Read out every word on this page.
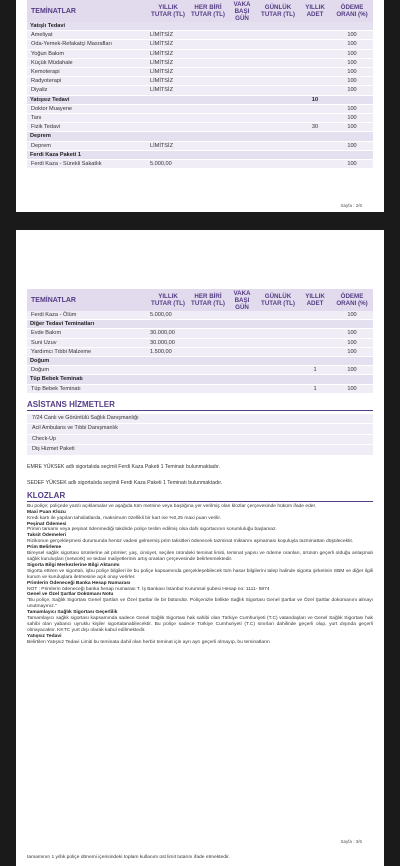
TEMİNATLAR	YILLIK TUTAR (TL)	HER BİRİ TUTAR (TL)	VAKA BAŞI GÜN	GÜNLÜK TUTAR (TL)	YILLIK ADET	ÖDEME ORANI (%)
Yatışlı Tedavi						
Ameliyat	LİMİTSİZ					100
Oda-Yemek-Refakatçi Masrafları	LİMİTSİZ					100
Yoğun Bakım	LİMİTSİZ					100
Küçük Müdahale	LİMİTSİZ					100
Kemoterapi	LİMİTSİZ					100
Radyoterapi	LİMİTSİZ					100
Diyaliz	LİMİTSİZ					100
Yatışsız Tedavi					10	
Doktor Muayene						100
Tanı						100
Fizik Tedavi					30	100
Deprem						
Deprem	LİMİTSİZ					100
Ferdi Kaza Paketi 1						
Ferdi Kaza - Sürekli Sakatlık	5.000,00					100
Sayfa : 2/6
TEMİNATLAR	YILLIK TUTAR (TL)	HER BİRİ TUTAR (TL)	VAKA BAŞI GÜN	GÜNLÜK TUTAR (TL)	YILLIK ADET	ÖDEME ORANI (%)
Ferdi Kaza - Ölüm	5.000,00					100
Diğer Tedavi Teminatları						
Evde Bakım	30.000,00					100
Suni Uzuv	30.000,00					100
Yardımcı Tıbbi Malzeme	1.500,00					100
Doğum						
Doğum					1	100
Tüp Bebek Teminatı						
Tüp Bebek Teminatı					1	100
ASİSTANS HİZMETLER
7/24 Canlı ve Görüntülü Sağlık Danışmanlığı
Acil Ambulans ve Tıbbi Danışmanlık
Check-Up
Diş Hizmet Paketi
EMRE YÜKSEK adlı sigortalıda seçimli Ferdi Kaza Paketi 1 Teminatı bulunmaktadır.
SEDEF YÜKSEK adlı sigortalıda seçimli Ferdi Kaza Paketi 1 Teminatı bulunmaktadır.
KLOZLAR
Bu poliçe; poliçede yazılı açıklamalar ve aşağıda tüm metnine veya başlığına yer verilmiş olan klozlar çerçevesinde hüküm ifade eder.
Maxi Puan Klozu
Kredi kartı ile yapılan tahsilatlarda, maksimum özellikli bir kart ise %0,25 maxi puan verilir.
Peşinat Ödemesi
Primin tamamı veya peşinat ödenmediği takdirde poliçe teslim edilmiş olsa dahi sigortacının sorumluluğu başlamaz.
Taksit Ödemeleri
Rizikonun gerçekleşmesi durumunda henüz vadesi gelmemiş prim taksitleri ödenecek tazminat miktarını aşmaması koşuluyla tazminattan düşülecektir.
Prim Belirleme
Bireysel sağlık sigortası ürünlerine ait primler; yaş, cinsiyet, seçilen üründeki teminat limiti, teminat yapısı ve ödeme oranları, ürünün geçerli olduğu anlaşmalı sağlık kuruluşları (network) ve tedavi maliyetlerinin artış oranları çerçevesinde belirlenmektedir.
Sigorta Bilgi Merkezlerine Bilgi Aktarımı
Sigorta ettiren ve sigortalı, işbu poliçe bilgileri ile bu poliçe kapsamında gerçekleşebilecek tüm hasar bilgilerini talep halinde sigorta şirketinin SBM ve diğer ilgili kurum ve kuruluşlara iletmesine açık onay verirler.
Primlerin Ödeneceği Banka Hesap Numarası
NOT : Primlerin ödeneceği banka hesap numarası T. İş Bankası İstanbul Kurumsal şubesi Hesap no: 1111- 5874
Genel ve Özel Şartlar Dokümanı Notu
"Bu poliçe, Sağlık Sigortası Genel Şartları ve Özel Şartlar ile bir bütündür. Poliçenizle birlikte Sağlık Sigortası Genel Şartlar ve Özel Şartlar dokümanını almayı unutmayınız."
Tamamlayıcı Sağlık Sigortası Geçerlilik
Tamamlayıcı sağlık sigortası kapsamında sadece Genel Sağlık Sigortası hak sahibi olan Türkiye Cumhuriyeti (T.C) vatandaşları ve Genel Sağlık Sigortası hak sahibi olan yabancı uyruklu kişiler sigortalanabilecektir. Bu poliçe sadece Türkiye Cumhuriyeti (T.C) sınırları dahilinde geçerli olup, yurt dışında geçerli olmayacaktır. KKTC yurt dışı olarak kabul edilmektedir.
Yatışsız Tedavi
Belirtilen Yatışsız Tedavi Limiti bu teminata dahil olan herbir teminat için ayrı ayrı geçerli olmayıp, bu teminatların
Sayfa : 3/6
tamamının 1 yıllık poliçe dönemi içerisindeki toplam kullanım üst limit tutarını ifade etmektedir.
